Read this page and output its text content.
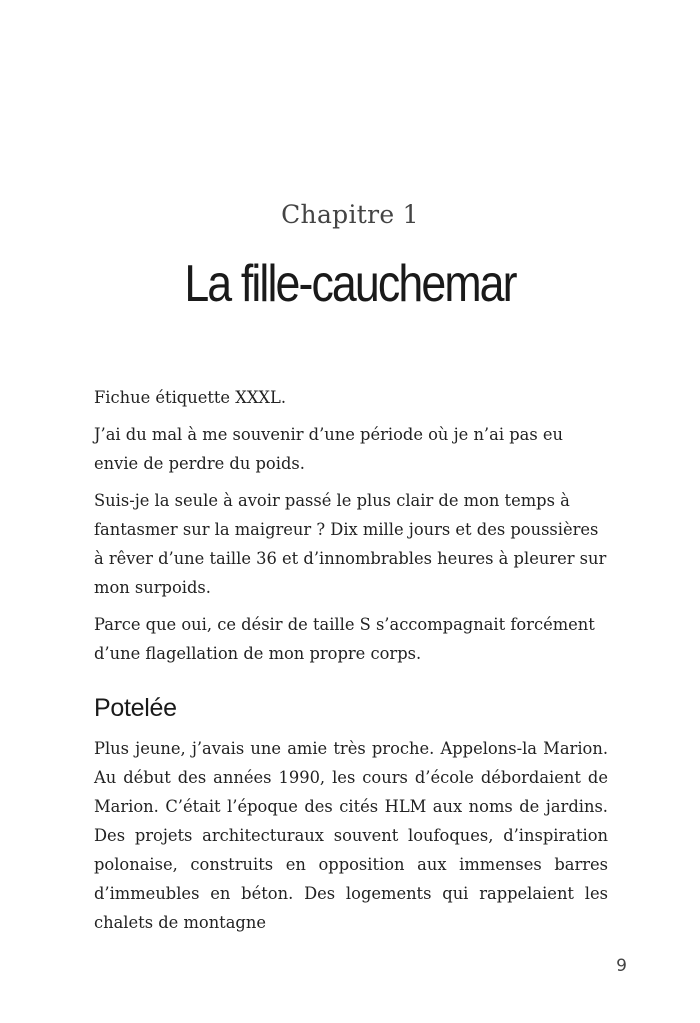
Chapitre 1
La fille-cauchemar

Fichue étiquette XXXL.

J’ai du mal à me souvenir d’une période où je n’ai pas eu envie de perdre du poids.

Suis-je la seule à avoir passé le plus clair de mon temps à fantasmer sur la maigreur ? Dix mille jours et des poussières à rêver d’une taille 36 et d’innombrables heures à pleurer sur mon surpoids.

Parce que oui, ce désir de taille S s’accompagnait forcément d’une flagellation de mon propre corps.

Potelée

Plus jeune, j’avais une amie très proche. Appelons-la Marion. Au début des années 1990, les cours d’école débordaient de Marion. C’était l’époque des cités HLM aux noms de jardins. Des projets architecturaux souvent loufoques, d’inspiration polonaise, construits en opposition aux immenses barres d’immeubles en béton. Des logements qui rappelaient les chalets de montagne

9
